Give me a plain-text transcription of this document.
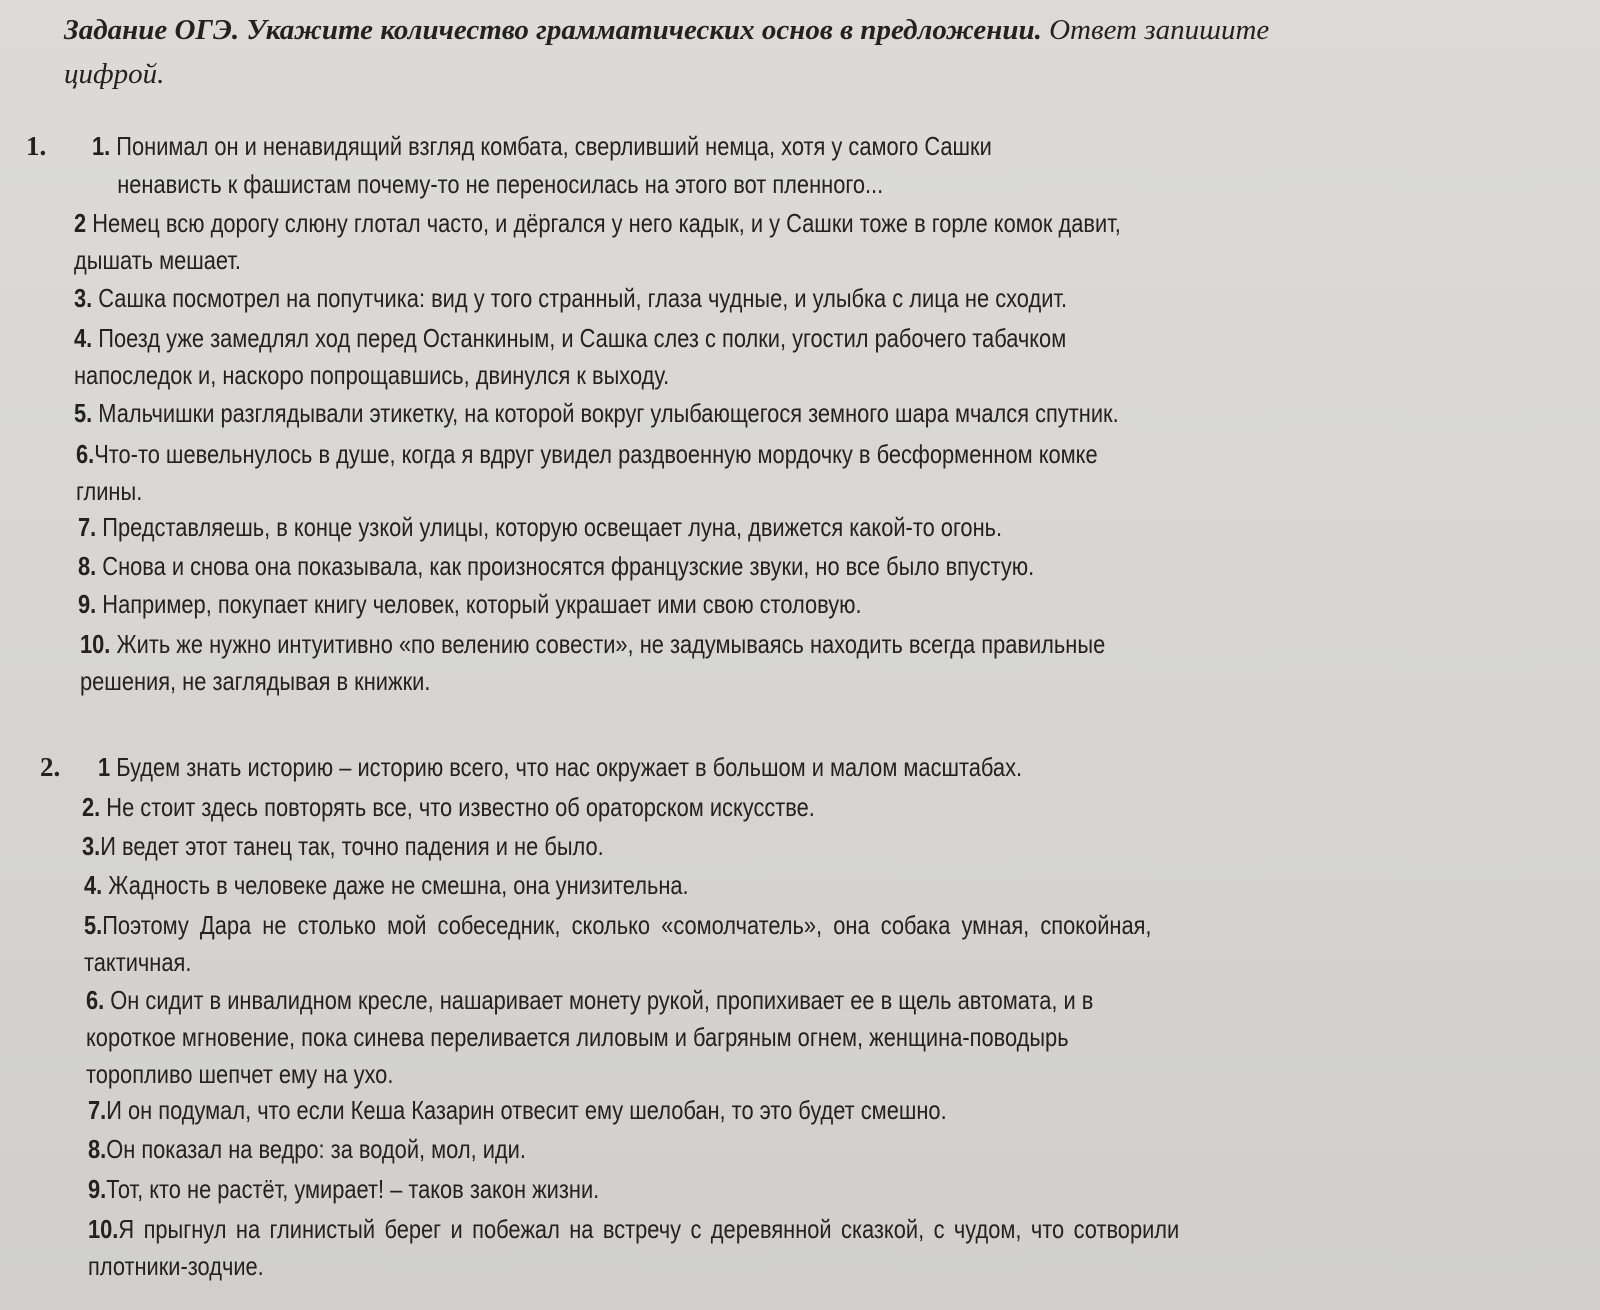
Задание ОГЭ. Укажите количество грамматических основ в предложении. Ответ запишите
цифрой.
1. 1. Понимал он и ненавидящий взгляд комбата, сверливший немца, хотя у самого Сашки
ненависть к фашистам почему-то не переносилась на этого вот пленного...
2 Немец всю дорогу слюну глотал часто, и дёргался у него кадык, и у Сашки тоже в горле комок давит,
дышать мешает.
3. Сашка посмотрел на попутчика: вид у того странный, глаза чудные, и улыбка с лица не сходит.
4. Поезд уже замедлял ход перед Останкиным, и Сашка слез с полки, угостил рабочего табачком
напоследок и, наскоро попрощавшись, двинулся к выходу.
5. Мальчишки разглядывали этикетку, на которой вокруг улыбающегося земного шара мчался спутник.
6.Что-то шевельнулось в душе, когда я вдруг увидел раздвоенную мордочку в бесформенном комке
глины.
7. Представляешь, в конце узкой улицы, которую освещает луна, движется какой-то огонь.
8. Снова и снова она показывала, как произносятся французские звуки, но все было впустую.
9. Например, покупает книгу человек, который украшает ими свою столовую.
10. Жить же нужно интуитивно «по велению совести», не задумываясь находить всегда правильные
решения, не заглядывая в книжки.
2. 1 Будем знать историю – историю всего, что нас окружает в большом и малом масштабах.
2. Не стоит здесь повторять все, что известно об ораторском искусстве.
3.И ведет этот танец так, точно падения и не было.
4. Жадность в человеке даже не смешна, она унизительна.
5.Поэтому Дара не столько мой собеседник, сколько «сомолчатель», она собака умная, спокойная,
тактичная.
6. Он сидит в инвалидном кресле, нашаривает монету рукой, пропихивает ее в щель автомата, и в
короткое мгновение, пока синева переливается лиловым и багряным огнем, женщина-поводырь
торопливо шепчет ему на ухо.
7.И он подумал, что если Кеша Казарин отвесит ему шелобан, то это будет смешно.
8.Он показал на ведро: за водой, мол, иди.
9.Тот, кто не растёт, умирает! – таков закон жизни.
10.Я прыгнул на глинистый берег и побежал на встречу с деревянной сказкой, с чудом, что сотворили
плотники-зодчие.
